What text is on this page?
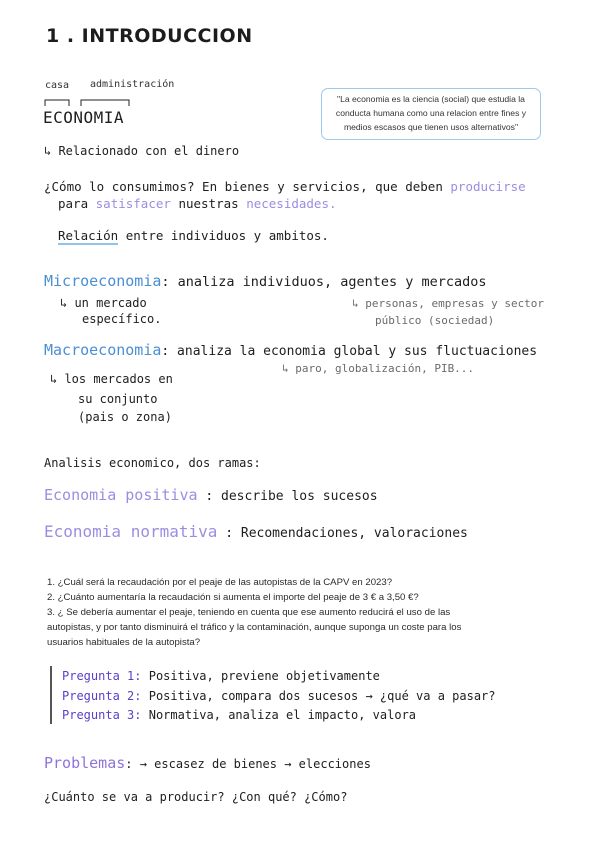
1 . INTRODUCCION
casa administración
ECONOMIA
"La economia es la ciencia (social) que estudia la conducta humana como una relacion entre fines y medios escasos que tienen usos alternativos"
↳ Relacionado con el dinero
¿Cómo lo consumimos? En bienes y servicios, que deben producirse
para satisfacer nuestras necesidades.
Relación entre individuos y ambitos.
Microeconomia: analiza individuos, agentes y mercados
↳ un mercado
específico.
↳ personas, empresas y sector
público (sociedad)
Macroeconomia: analiza la economia global y sus fluctuaciones
↳ paro, globalización, PIB...
↳ los mercados en
su conjunto
(pais o zona)
Analisis economico, dos ramas:
Economia positiva : describe los sucesos
Economia normativa : Recomendaciones, valoraciones
1. ¿Cuál será la recaudación por el peaje de las autopistas de la CAPV en 2023?
2. ¿Cuánto aumentaría la recaudación si aumenta el importe del peaje de 3 € a 3,50 €?
3. ¿ Se debería aumentar el peaje, teniendo en cuenta que ese aumento reducirá el uso de las
autopistas, y por tanto disminuirá el tráfico y la contaminación, aunque suponga un coste para los
usuarios habituales de la autopista?
Pregunta 1: Positiva, previene objetivamente
Pregunta 2: Positiva, compara dos sucesos → ¿qué va a pasar?
Pregunta 3: Normativa, analiza el impacto, valora
Problemas: → escasez de bienes → elecciones
¿Cuánto se va a producir? ¿Con qué? ¿Cómo?
